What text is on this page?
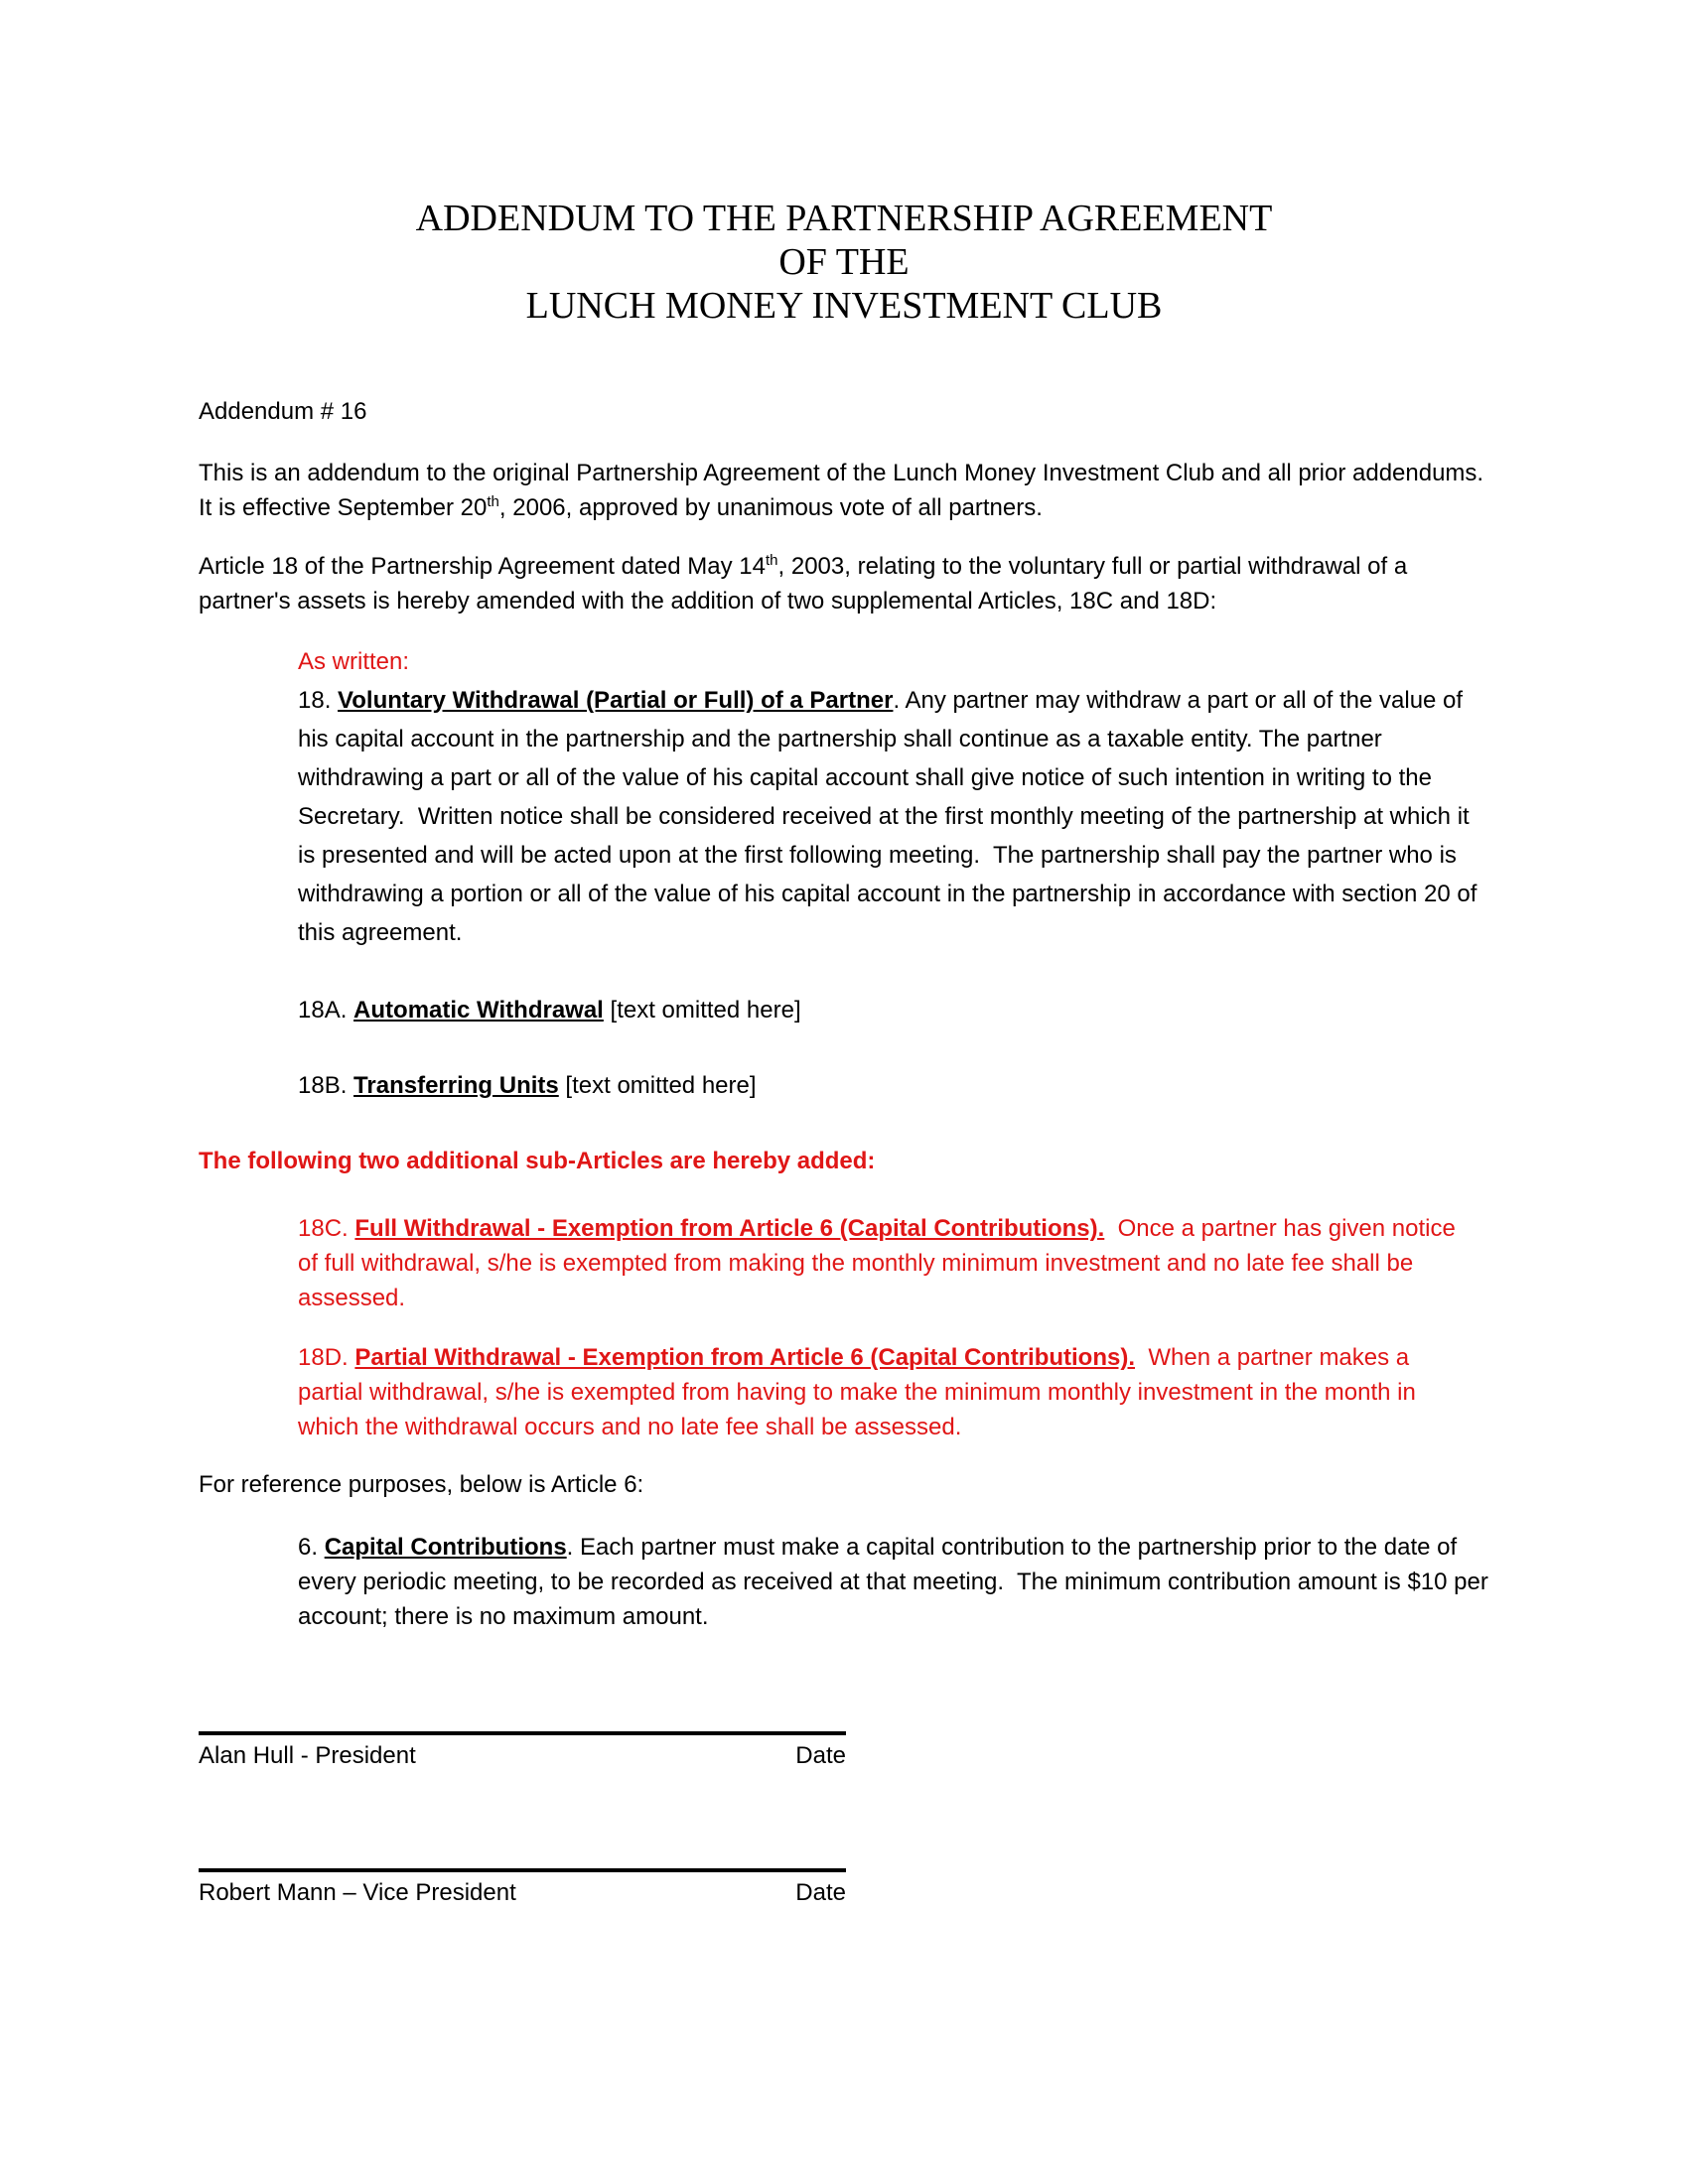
ADDENDUM TO THE PARTNERSHIP AGREEMENT
OF THE
LUNCH MONEY INVESTMENT CLUB

Addendum # 16

This is an addendum to the original Partnership Agreement of the Lunch Money Investment Club and all prior addendums.  It is effective September 20th, 2006, approved by unanimous vote of all partners.

Article 18 of the Partnership Agreement dated May 14th, 2003, relating to the voluntary full or partial withdrawal of a partner's assets is hereby amended with the addition of two supplemental Articles, 18C and 18D:

As written:

18. Voluntary Withdrawal (Partial or Full) of a Partner. Any partner may withdraw a part or all of the value of his capital account in the partnership and the partnership shall continue as a taxable entity. The partner withdrawing a part or all of the value of his capital account shall give notice of such intention in writing to the Secretary.  Written notice shall be considered received at the first monthly meeting of the partnership at which it is presented and will be acted upon at the first following meeting.  The partnership shall pay the partner who is withdrawing a portion or all of the value of his capital account in the partnership in accordance with section 20 of this agreement.

18A. Automatic Withdrawal [text omitted here]

18B. Transferring Units [text omitted here]

The following two additional sub-Articles are hereby added:

18C. Full Withdrawal - Exemption from Article 6 (Capital Contributions).  Once a partner has given notice of full withdrawal, s/he is exempted from making the monthly minimum investment and no late fee shall be assessed.

18D. Partial Withdrawal - Exemption from Article 6 (Capital Contributions).  When a partner makes a partial withdrawal, s/he is exempted from having to make the minimum monthly investment in the month in which the withdrawal occurs and no late fee shall be assessed.

For reference purposes, below is Article 6:

6. Capital Contributions. Each partner must make a capital contribution to the partnership prior to the date of every periodic meeting, to be recorded as received at that meeting.  The minimum contribution amount is $10 per account; there is no maximum amount.

Alan Hull - President	Date
Robert Mann – Vice President	Date
